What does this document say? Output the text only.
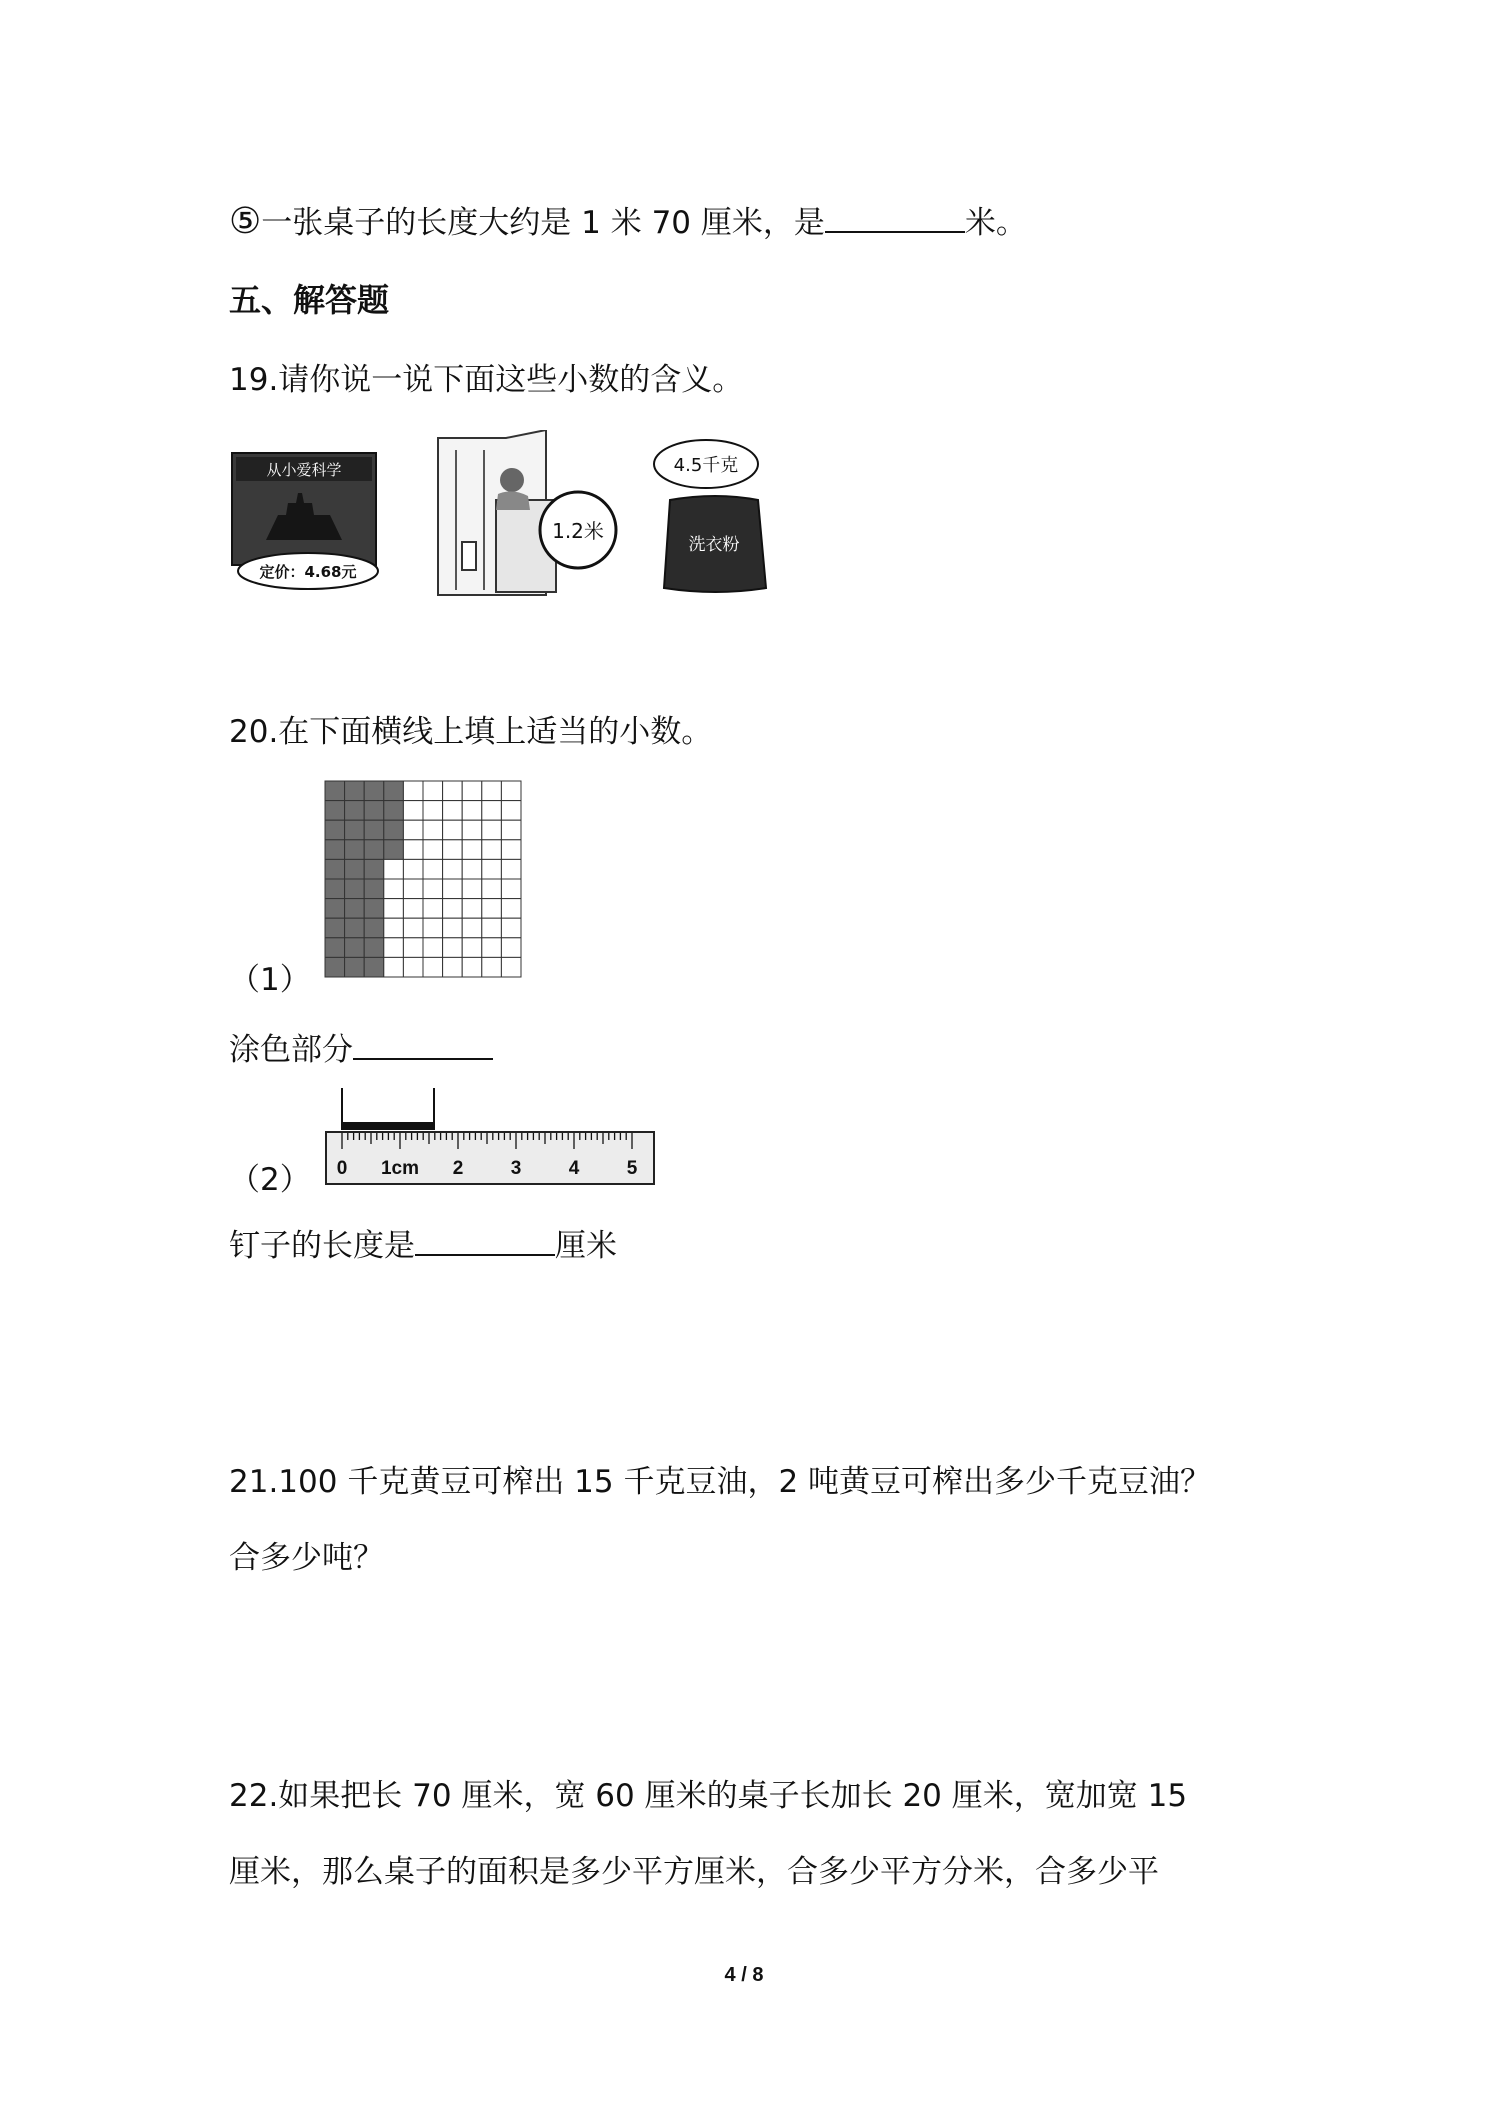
⑤一张桌子的长度大约是 1 米 70 厘米，是	米。
五、解答题
19.请你说一说下面这些小数的含义。
从小爱科学
定价：4.68元
1.2米
4.5千克
洗衣粉
20.在下面横线上填上适当的小数。
（1）
涂色部分
0 1cm 2 3 4 5
（2）
钉子的长度是	厘米
21.100 千克黄豆可榨出 15 千克豆油，2 吨黄豆可榨出多少千克豆油？
合多少吨？
22.如果把长 70 厘米，宽 60 厘米的桌子长加长 20 厘米，宽加宽 15
厘米，那么桌子的面积是多少平方厘米，合多少平方分米，合多少平
4 / 8
